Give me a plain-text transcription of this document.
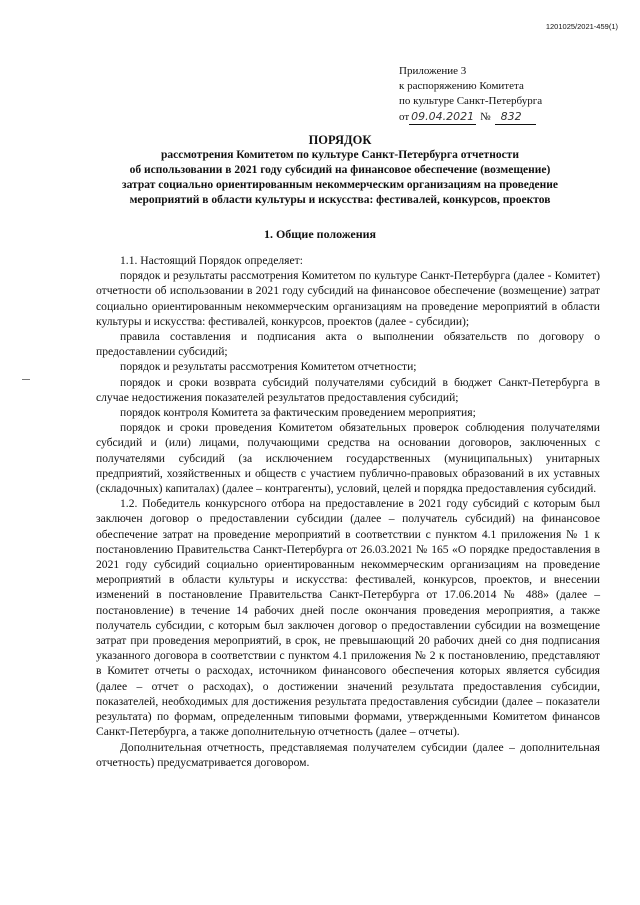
1201025/2021-459(1)
Приложение 3
к распоряжению Комитета
по культуре Санкт-Петербурга
от 09.04.2021 № 832
ПОРЯДОК
рассмотрения Комитетом по культуре Санкт-Петербурга отчетности
об использовании в 2021 году субсидий на финансовое обеспечение (возмещение)
затрат социально ориентированным некоммерческим организациям на проведение
мероприятий в области культуры и искусства: фестивалей, конкурсов, проектов
1. Общие положения

1.1. Настоящий Порядок определяет:

порядок и результаты рассмотрения Комитетом по культуре Санкт-Петербурга (далее - Комитет) отчетности об использовании в 2021 году субсидий на финансовое обеспечение (возмещение) затрат социально ориентированным некоммерческим организациям на проведение мероприятий в области культуры и искусства: фестивалей, конкурсов, проектов (далее - субсидии);

правила составления и подписания акта о выполнении обязательств по договору о предоставлении субсидий;

порядок и результаты рассмотрения Комитетом отчетности;

порядок и сроки возврата субсидий получателями субсидий в бюджет Санкт-Петербурга в случае недостижения показателей результатов предоставления субсидий;

порядок контроля Комитета за фактическим проведением мероприятия;

порядок и сроки проведения Комитетом обязательных проверок соблюдения получателями субсидий и (или) лицами, получающими средства на основании договоров, заключенных с получателями субсидий (за исключением государственных (муниципальных) унитарных предприятий, хозяйственных и обществ с участием публично-правовых образований в их уставных (складочных) капиталах) (далее – контрагенты), условий, целей и порядка предоставления субсидий.

1.2. Победитель конкурсного отбора на предоставление в 2021 году субсидий с которым был заключен договор о предоставлении субсидии (далее – получатель субсидий) на финансовое обеспечение затрат на проведение мероприятий в соответствии с пунктом 4.1 приложения № 1 к постановлению Правительства Санкт-Петербурга от 26.03.2021 № 165 «О порядке предоставления в 2021 году субсидий социально ориентированным некоммерческим организациям на проведение мероприятий в области культуры и искусства: фестивалей, конкурсов, проектов, и внесении изменений в постановление Правительства Санкт-Петербурга от 17.06.2014 № 488» (далее – постановление) в течение 14 рабочих дней после окончания проведения мероприятия, а также получатель субсидии, с которым был заключен договор о предоставлении субсидии на возмещение затрат при проведения мероприятий, в срок, не превышающий 20 рабочих дней со дня подписания указанного договора в соответствии с пунктом 4.1 приложения № 2 к постановлению, представляют в Комитет отчеты о расходах, источником финансового обеспечения которых является субсидия (далее – отчет о расходах), о достижении значений результата предоставления субсидии, показателей, необходимых для достижения результата предоставления субсидии (далее – показатели результата) по формам, определенным типовыми формами, утвержденными Комитетом финансов Санкт-Петербурга, а также дополнительную отчетность (далее – отчеты).

Дополнительная отчетность, представляемая получателем субсидии (далее – дополнительная отчетность) предусматривается договором.
